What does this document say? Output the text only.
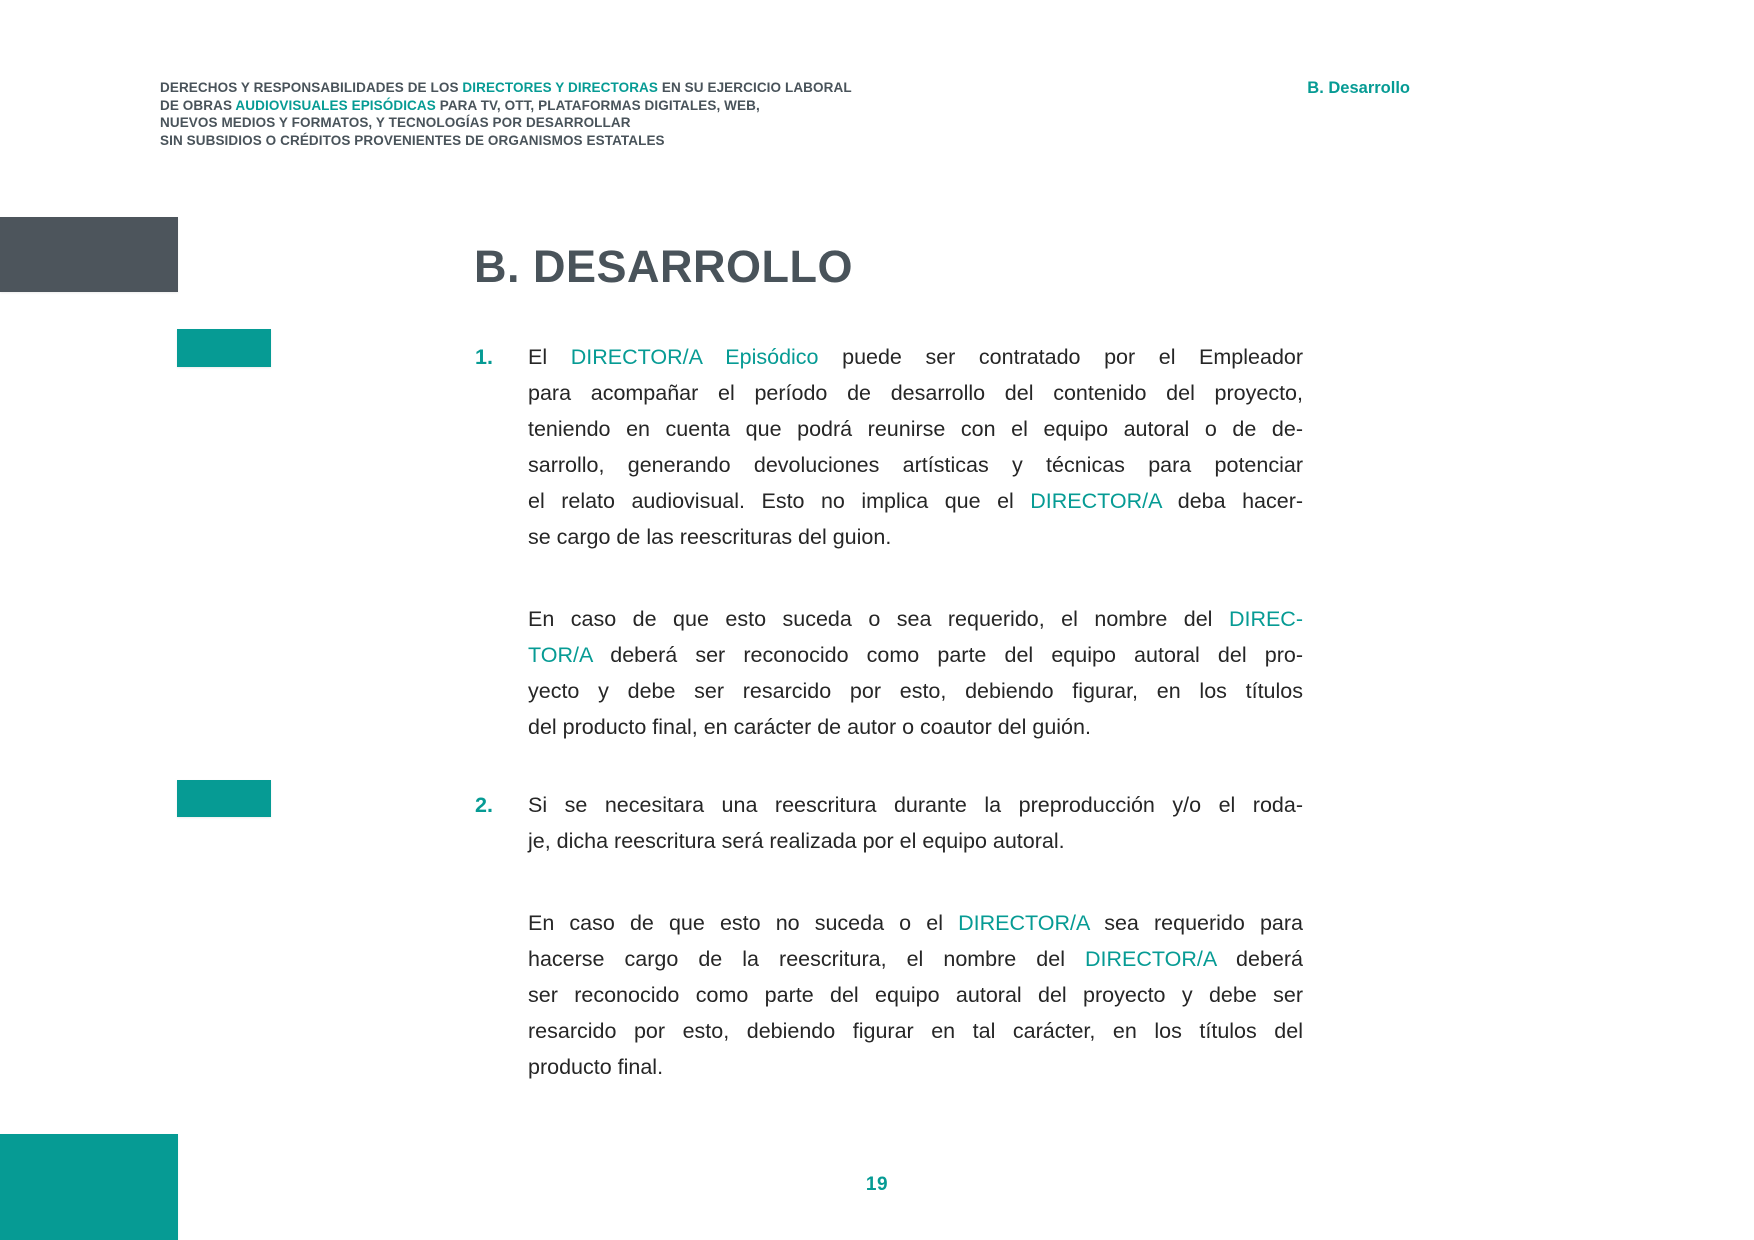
DERECHOS Y RESPONSABILIDADES DE LOS DIRECTORES Y DIRECTORAS EN SU EJERCICIO LABORAL
DE OBRAS AUDIOVISUALES EPISÓDICAS PARA TV, OTT, PLATAFORMAS DIGITALES, WEB,
NUEVOS MEDIOS Y FORMATOS, Y TECNOLOGÍAS POR DESARROLLAR
SIN SUBSIDIOS O CRÉDITOS PROVENIENTES DE ORGANISMOS ESTATALES
B. Desarrollo
B. DESARROLLO
1.	El DIRECTOR/A Episódico puede ser contratado por el Empleador
para acompañar el período de desarrollo del contenido del proyecto,
teniendo en cuenta que podrá reunirse con el equipo autoral o de de-
sarrollo, generando devoluciones artísticas y técnicas para potenciar
el relato audiovisual. Esto no implica que el DIRECTOR/A deba hacer-
se cargo de las reescrituras del guion.
En caso de que esto suceda o sea requerido, el nombre del DIREC-
TOR/A deberá ser reconocido como parte del equipo autoral del pro-
yecto y debe ser resarcido por esto, debiendo figurar, en los títulos
del producto final, en carácter de autor o coautor del guión.
2.	Si se necesitara una reescritura durante la preproducción y/o el roda-
je, dicha reescritura será realizada por el equipo autoral.
En caso de que esto no suceda o el DIRECTOR/A sea requerido para
hacerse cargo de la reescritura, el nombre del DIRECTOR/A deberá
ser reconocido como parte del equipo autoral del proyecto y debe ser
resarcido por esto, debiendo figurar en tal carácter, en los títulos del
producto final.
19
